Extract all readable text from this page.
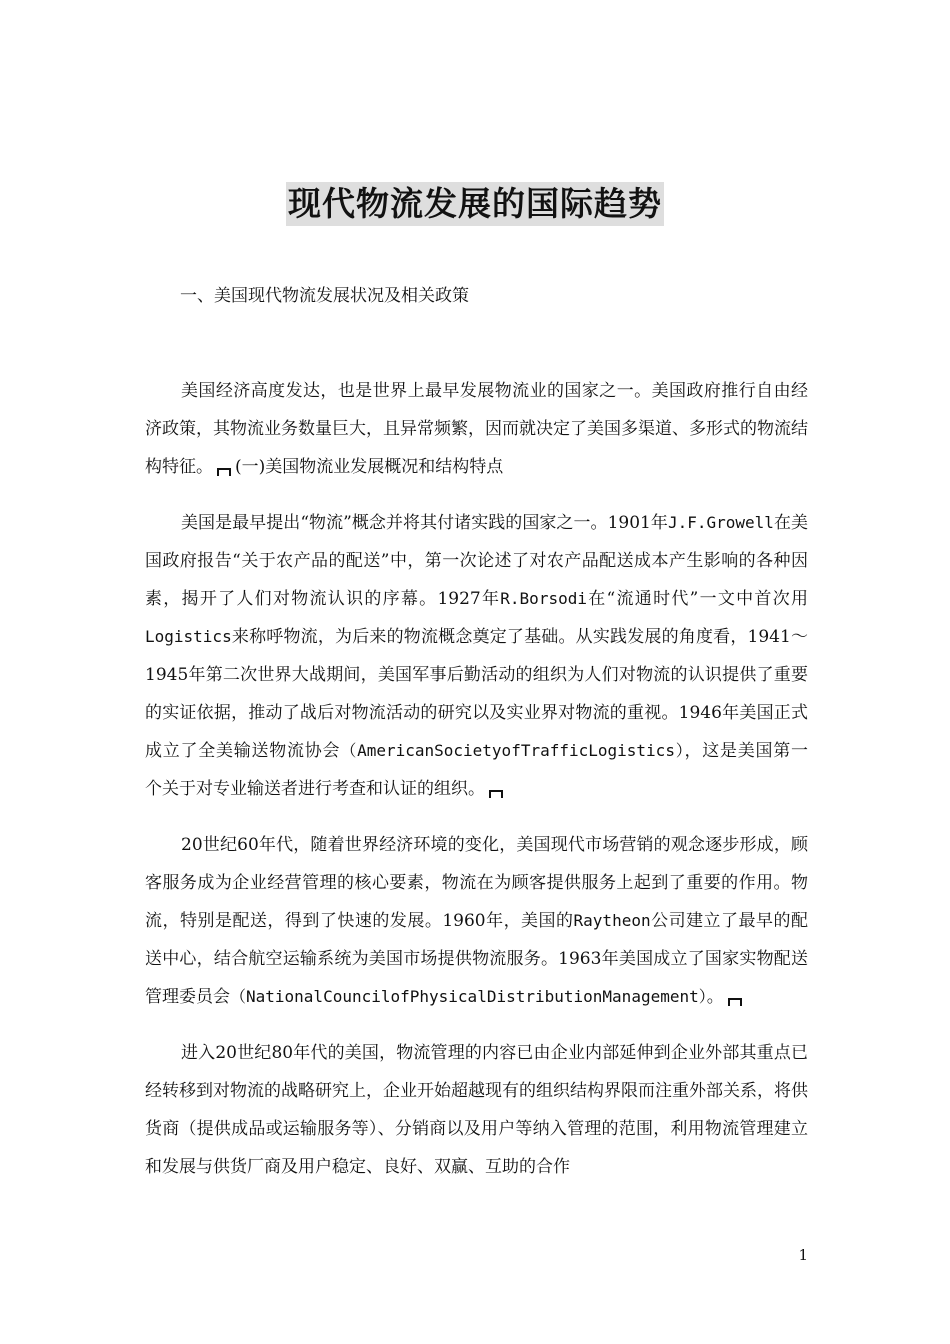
现代物流发展的国际趋势
一、美国现代物流发展状况及相关政策

美国经济高度发达，也是世界上最早发展物流业的国家之一。美国政府推行自由经济政策，其物流业务数量巨大，且异常频繁，因而就决定了美国多渠道、多形式的物流结构特征。 (一)美国物流业发展概况和结构特点

美国是最早提出“物流”概念并将其付诸实践的国家之一。1901年J.F.Growell在美国政府报告“关于农产品的配送”中，第一次论述了对农产品配送成本产生影响的各种因素，揭开了人们对物流认识的序幕。1927年R.Borsodi在“流通时代”一文中首次用Logistics来称呼物流，为后来的物流概念奠定了基础。从实践发展的角度看，1941～1945年第二次世界大战期间，美国军事后勤活动的组织为人们对物流的认识提供了重要的实证依据，推动了战后对物流活动的研究以及实业界对物流的重视。1946年美国正式成立了全美输送物流协会（AmericanSocietyofTrafficLogistics），这是美国第一个关于对专业输送者进行考查和认证的组织。

20世纪60年代，随着世界经济环境的变化，美国现代市场营销的观念逐步形成，顾客服务成为企业经营管理的核心要素，物流在为顾客提供服务上起到了重要的作用。物流，特别是配送，得到了快速的发展。1960年，美国的Raytheon公司建立了最早的配送中心，结合航空运输系统为美国市场提供物流服务。1963年美国成立了国家实物配送管理委员会（NationalCouncilofPhysicalDistributionManagement）。

进入20世纪80年代的美国，物流管理的内容已由企业内部延伸到企业外部其重点已经转移到对物流的战略研究上，企业开始超越现有的组织结构界限而注重外部关系，将供货商（提供成品或运输服务等）、分销商以及用户等纳入管理的范围，利用物流管理建立和发展与供货厂商及用户稳定、良好、双赢、互助的合作

1
